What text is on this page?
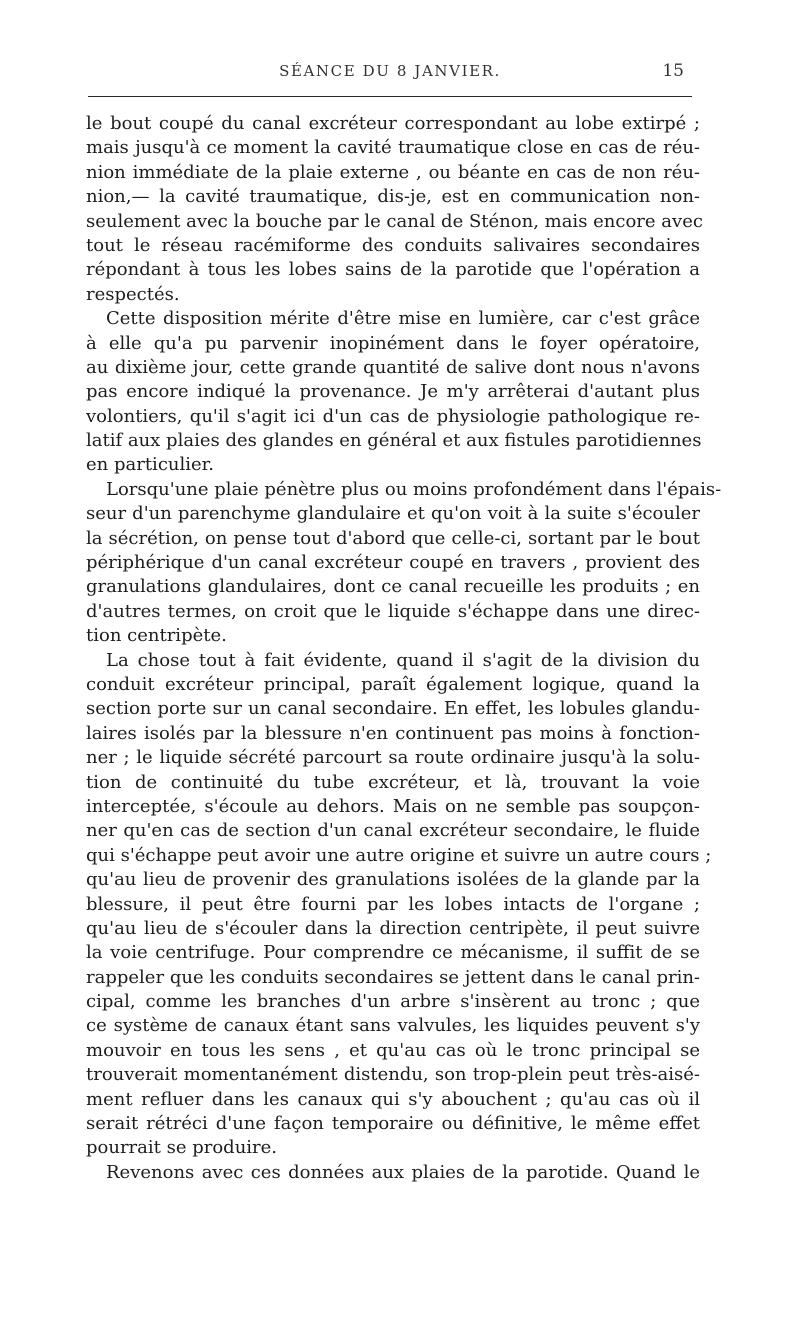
SÉANCE DU 8 JANVIER.	15
le bout coupé du canal excréteur correspondant au lobe extirpé ;
mais jusqu'à ce moment la cavité traumatique close en cas de réu-
nion immédiate de la plaie externe , ou béante en cas de non réu-
nion,— la cavité traumatique, dis-je, est en communication non-
seulement avec la bouche par le canal de Sténon, mais encore avec
tout le réseau racémiforme des conduits salivaires secondaires
répondant à tous les lobes sains de la parotide que l'opération a
respectés.
Cette disposition mérite d'être mise en lumière, car c'est grâce
à elle qu'a pu parvenir inopinément dans le foyer opératoire,
au dixième jour, cette grande quantité de salive dont nous n'avons
pas encore indiqué la provenance. Je m'y arrêterai d'autant plus
volontiers, qu'il s'agit ici d'un cas de physiologie pathologique re-
latif aux plaies des glandes en général et aux fistules parotidiennes
en particulier.
Lorsqu'une plaie pénètre plus ou moins profondément dans l'épais-
seur d'un parenchyme glandulaire et qu'on voit à la suite s'écouler
la sécrétion, on pense tout d'abord que celle-ci, sortant par le bout
périphérique d'un canal excréteur coupé en travers , provient des
granulations glandulaires, dont ce canal recueille les produits ; en
d'autres termes, on croit que le liquide s'échappe dans une direc-
tion centripète.
La chose tout à fait évidente, quand il s'agit de la division du
conduit excréteur principal, paraît également logique, quand la
section porte sur un canal secondaire. En effet, les lobules glandu-
laires isolés par la blessure n'en continuent pas moins à fonction-
ner ; le liquide sécrété parcourt sa route ordinaire jusqu'à la solu-
tion de continuité du tube excréteur, et là, trouvant la voie
interceptée, s'écoule au dehors. Mais on ne semble pas soupçon-
ner qu'en cas de section d'un canal excréteur secondaire, le fluide
qui s'échappe peut avoir une autre origine et suivre un autre cours ;
qu'au lieu de provenir des granulations isolées de la glande par la
blessure, il peut être fourni par les lobes intacts de l'organe ;
qu'au lieu de s'écouler dans la direction centripète, il peut suivre
la voie centrifuge. Pour comprendre ce mécanisme, il suffit de se
rappeler que les conduits secondaires se jettent dans le canal prin-
cipal, comme les branches d'un arbre s'insèrent au tronc ; que
ce système de canaux étant sans valvules, les liquides peuvent s'y
mouvoir en tous les sens , et qu'au cas où le tronc principal se
trouverait momentanément distendu, son trop-plein peut très-aisé-
ment refluer dans les canaux qui s'y abouchent ; qu'au cas où il
serait rétréci d'une façon temporaire ou définitive, le même effet
pourrait se produire.
Revenons avec ces données aux plaies de la parotide. Quand le
